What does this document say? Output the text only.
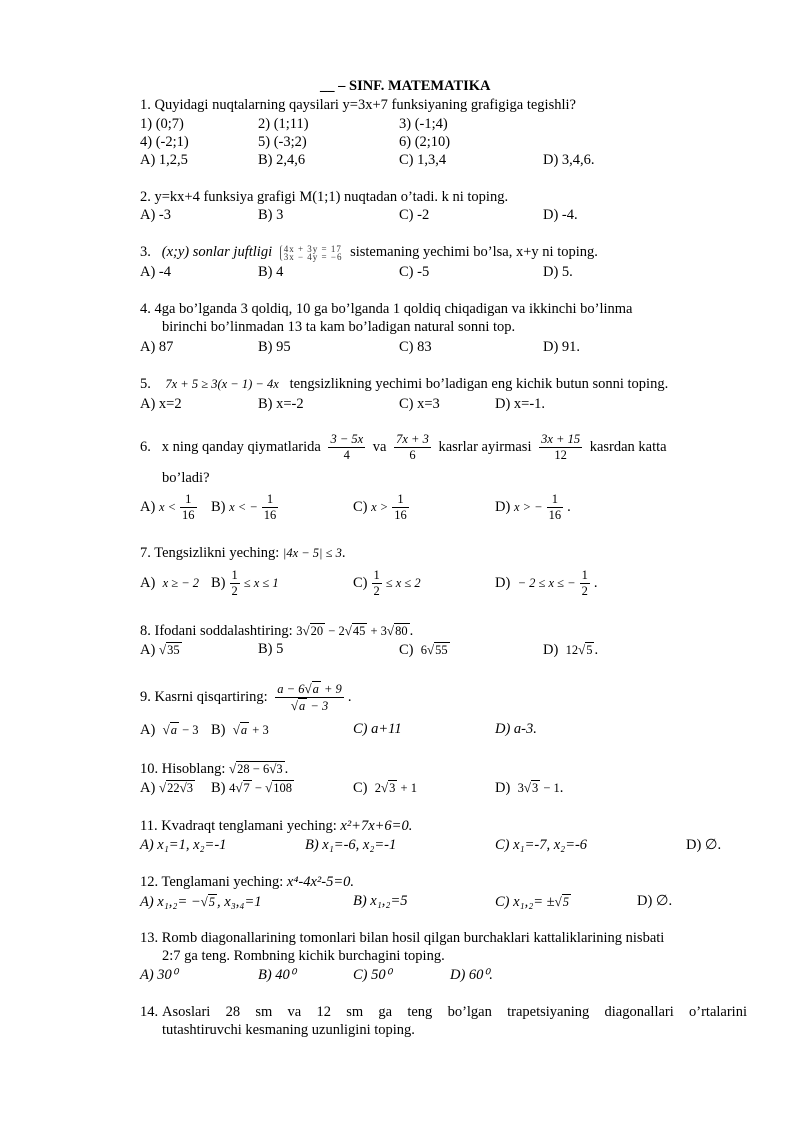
__ – SINF. MATEMATIKA
1. Quyidagi nuqtalarning qaysilari y=3x+7 funksiyaning grafigiga tegishli?
1) (0;7)	2) (1;11)	3) (-1;4)
4) (-2;1)	5) (-3;2)	6) (2;10)
A) 1,2,5	B) 2,4,6	C) 1,3,4	D) 3,4,6.
2. y=kx+4 funksiya grafigi M(1;1) nuqtadan o’tadi. k ni toping.
A) -3	B) 3	C) -2	D) -4.
3. (x;y) sonlar juftligi 4x + 3y = 17
3x − 4y = −6 sistemaning yechimi bo’lsa, x+y ni toping.
A) -4	B) 4	C) -5	D) 5.
4. 4ga bo’lganda 3 qoldiq, 10 ga bo’lganda 1 qoldiq chiqadigan va ikkinchi bo’linma
birinchi bo’linmadan 13 ta kam bo’ladigan natural sonni top.
A) 87	B) 95	C) 83	D) 91.
5. 7x + 5 ≥ 3(x − 1) − 4x tengsizlikning yechimi bo’ladigan eng kichik butun sonni toping.
A) x=2	B) x=-2	C) x=3	D) x=-1.
6. x ning qanday qiymatlarida $\frac{3 - 5x}{4}$ va $\frac{7x + 3}{6}$ kasrlar ayirmasi $\frac{3x + 15}{12}$ kasrdan katta
bo’ladi?
A) $x < \frac{1}{16} B$) x < − $\frac{1}{16}$	C) $x > \frac{1}{16}$	D) x > − $\frac{1}{16}$ .
7. Tengsizlikni yeching: |4x − 5| ≤ 3.
A) x ≥ − 2 $B) \frac{1}{2} \le x \le 1$	$C) \frac{1}{2} \le x \le 2$	D) − 2 ≤ x ≤ − $\frac{1}{2}$ .
8. Ifodani soddalashtiring: 3√20 − 2√45 + 3√80 .
A) √35	B) 5	C) 6√55	D) 12√5 .
9. Kasrni qisqartiring: $\frac{a - 6√a + 9}{√a - 3}$ .
A) √a − 3 B) √a + 3	C) a+11	D) a-3.
10. Hisoblang: √28 − 6√3 .
A) √22√3 B) 4√7 − √108	C) 2√3 + 1	D) 3√3 − 1.
11. Kvadraqt tenglamani yeching: x²+7x+6=0.
A) x₁=1, x₂=-1	B) x₁=-6, x₂=-1	C) x₁=-7, x₂=-6	D) ∅.
12. Tenglamani yeching: x⁴-4x²-5=0.
A) x₁,₂= −√5 , x₃,₄=1	B) x₁,₂=5	C) x₁,₂= ±√5	D) ∅.
13. Romb diagonallarining tomonlari bilan hosil qilgan burchaklari kattaliklarining nisbati
2:7 ga teng. Rombning kichik burchagini toping.
A) 30⁰	B) 40⁰	C) 50⁰	D) 60⁰.
14. Asoslari 28 sm va 12 sm ga teng bo’lgan trapetsiyaning diagonallari o’rtalarini
tutashtiruvchi kesmaning uzunligini toping.
